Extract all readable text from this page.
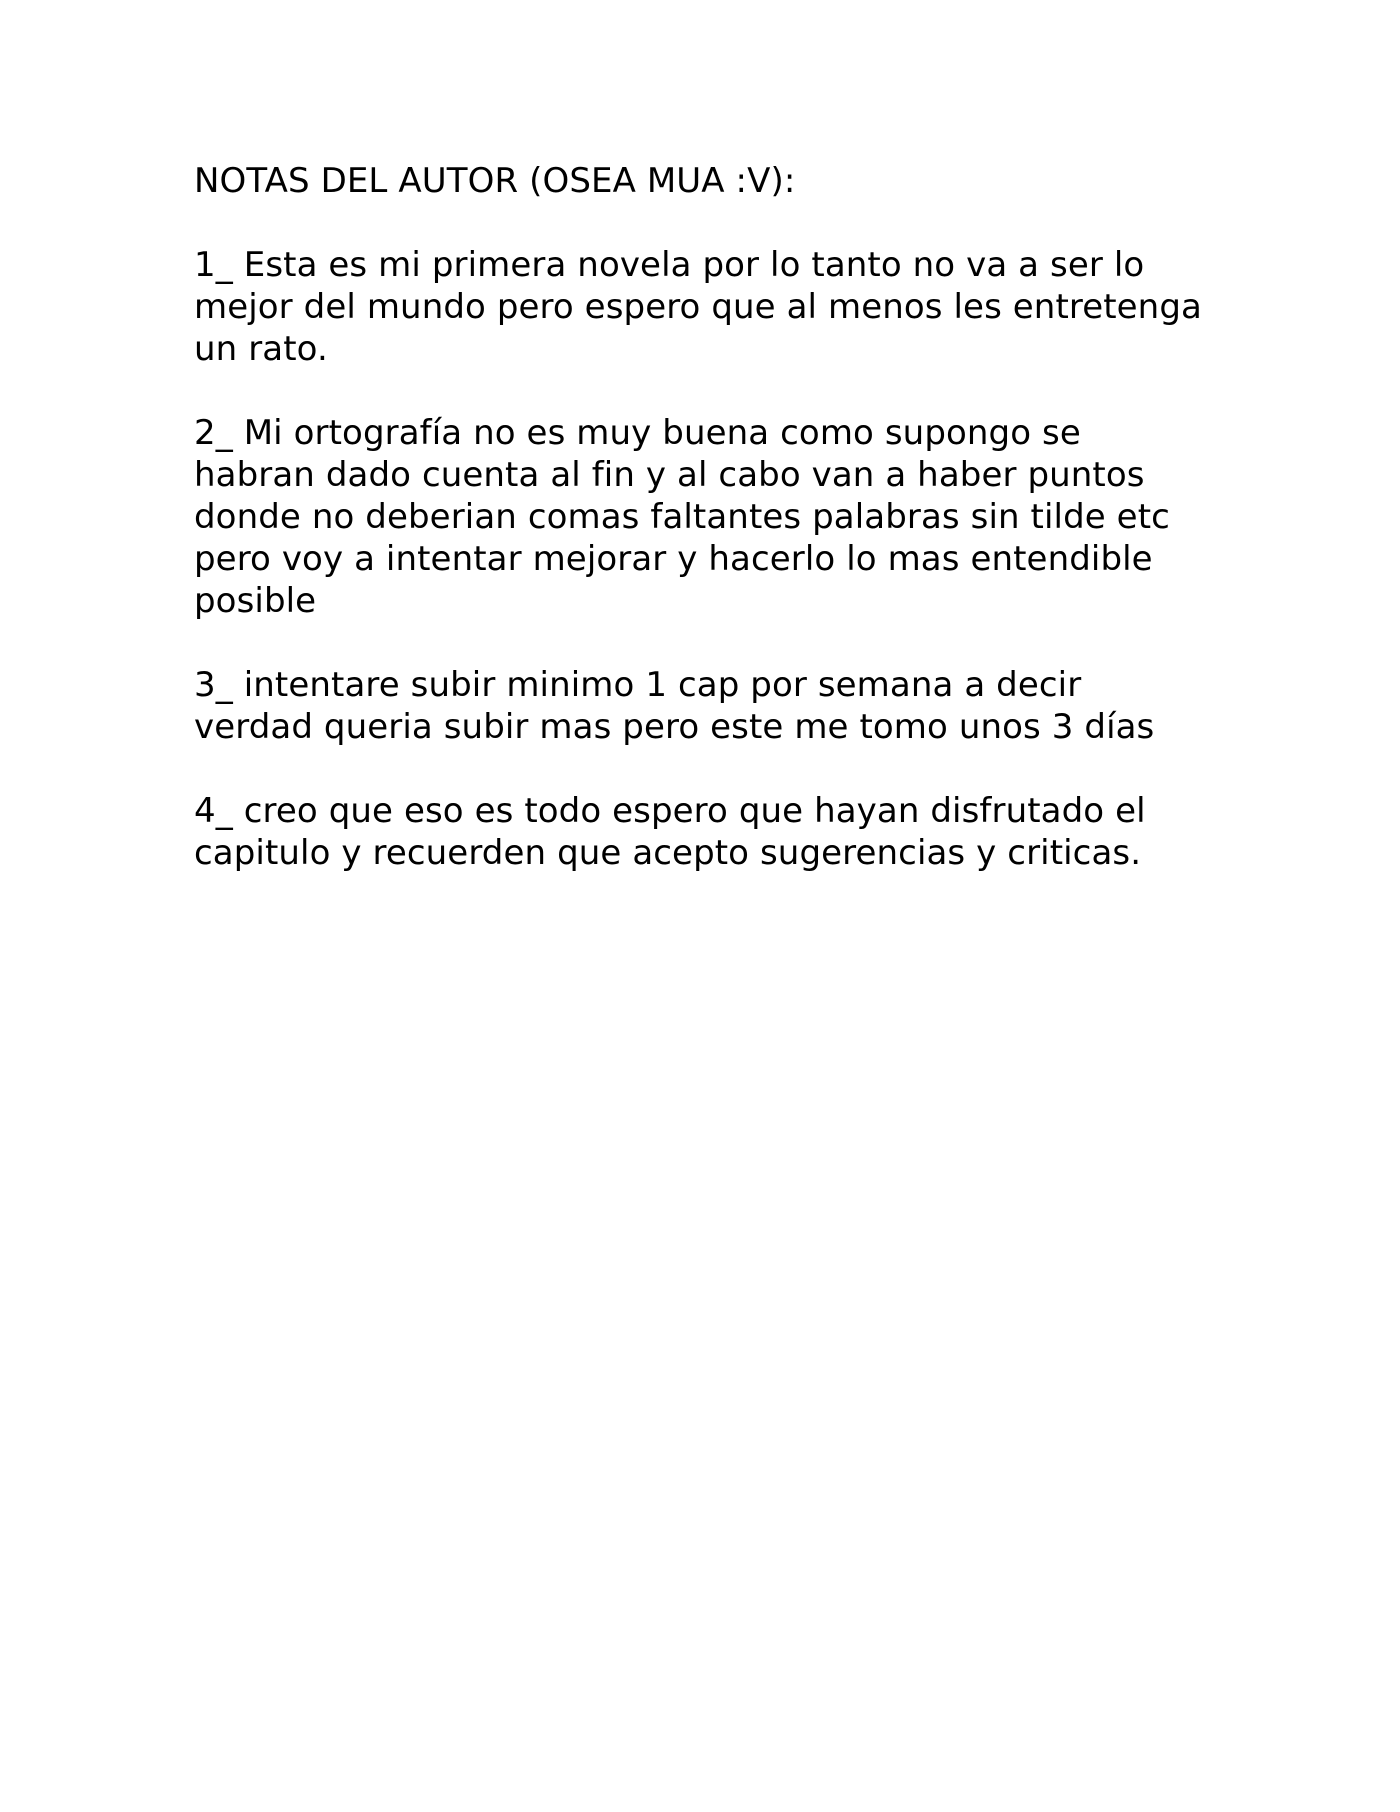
NOTAS DEL AUTOR (OSEA MUA :V):

1_ Esta es mi primera novela por lo tanto no va a ser lo mejor del mundo pero espero que al menos les entretenga un rato.

2_ Mi ortografía no es muy buena como supongo se habran dado cuenta al fin y al cabo van a haber puntos donde no deberian comas faltantes palabras sin tilde etc pero voy a intentar mejorar y hacerlo lo mas entendible posible

3_ intentare subir minimo 1 cap por semana a decir verdad queria subir mas pero este me tomo unos 3 días

4_ creo que eso es todo espero que hayan disfrutado el capitulo y recuerden que acepto sugerencias y criticas.
